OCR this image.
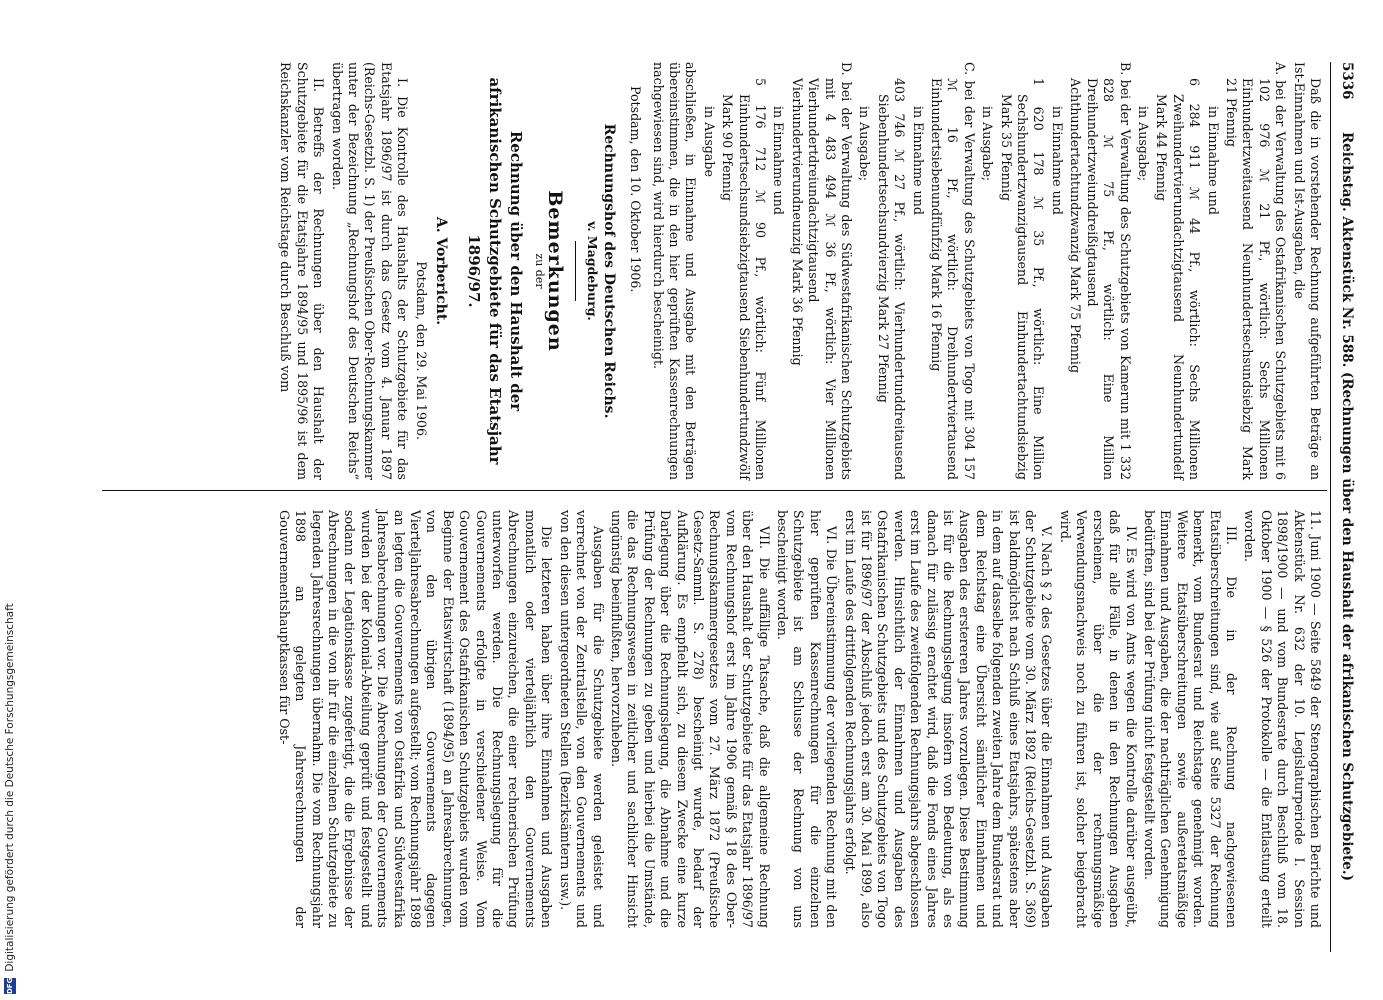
5336
Reichstag. Aktenstück Nr. 588. (Rechnungen über den Haushalt der afrikanischen Schutzgebiete.)

Daß die in vorstehender Rechnung aufgeführten Beträge an Ist-Einnahmen und Ist-Ausgaben, die

A. bei der Verwaltung des Ostafrikanischen Schutzgebiets mit 6 102 976 ℳ 21 Pf., wörtlich: Sechs Millionen Einhundertzweitausend Neunhundertsechsundsiebzig Mark 21 Pfennig

in Einnahme und

6 284 911 ℳ 44 Pf., wörtlich: Sechs Millionen Zweihundertvierundachtzigtausend Neunhundertundelf Mark 44 Pfennig

in Ausgabe;

B. bei der Verwaltung des Schutzgebiets von Kamerun mit 1 332 828 ℳ 75 Pf., wörtlich: Eine Million Dreihundertzweiunddreißigtausend Achthundertachtundzwanzig Mark 75 Pfennig

in Einnahme und

1 620 178 ℳ 35 Pf., wörtlich: Eine Million Sechshundertzwanzigtausend Einhundertachtundsiebzig Mark 35 Pfennig

in Ausgabe;

C. bei der Verwaltung des Schutzgebiets von Togo mit 304 157 ℳ 16 Pf., wörtlich: Dreihundertviertausend Einhundertsiebenundfünfzig Mark 16 Pfennig

in Einnahme und

403 746 ℳ 27 Pf., wörtlich: Vierhundertunddreitausend Siebenhundertsechsundvierzig Mark 27 Pfennig

in Ausgabe;

D. bei der Verwaltung des Südwestafrikanischen Schutzgebiets mit 4 483 494 ℳ 36 Pf., wörtlich: Vier Millionen Vierhundertdreiundachtzigtausend Vierhundertvierundneunzig Mark 36 Pfennig

in Einnahme und

5 176 712 ℳ 90 Pf., wörtlich: Fünf Millionen Einhundertsechsundsiebzigtausend Siebenhundertundzwölf Mark 90 Pfennig

in Ausgabe

abschließen, in Einnahme und Ausgabe mit den Beträgen übereinstimmen, die in den hier geprüften Kassenrechnungen nachgewiesen sind, wird hierdurch bescheinigt.

Potsdam, den 10. Oktober 1906.

Rechnungshof des Deutschen Reichs.
v. Magdeburg.
Bemerkungen
zu der
Rechnung über den Haushalt der afrikanischen Schutzgebiete für das Etatsjahr 1896/97.
A. Vorbericht.

Potsdam, den 29. Mai 1906.

I. Die Kontrolle des Haushalts der Schutzgebiete für das Etatsjahr 1896/97 ist durch das Gesetz vom 4. Januar 1897 (Reichs-Gesetzbl. S. 1) der Preußischen Ober-Rechnungskammer unter der Bezeichnung „Rechnungshof des Deutschen Reichs“ übertragen worden.

II. Betreffs der Rechnungen über den Haushalt der Schutzgebiete für die Etatsjahre 1894/95 und 1895/96 ist dem Reichskanzler vom Reichstage durch Beschluß vom

11. Juni 1900 — Seite 5849 der Stenographischen Berichte und Aktenstück Nr. 632 der 10. Legislaturperiode I. Session 1898/1900 — und vom Bundesrate durch Beschluß vom 18. Oktober 1900 — § 526 der Protokolle — die Entlastung erteilt worden.

III. Die in der Rechnung nachgewiesenen Etatsüberschreitungen sind, wie auf Seite 5327 der Rechnung bemerkt, vom Bundesrat und Reichstage genehmigt worden. Weitere Etatsüberschreitungen sowie außeretatsmäßige Einnahmen und Ausgaben, die der nachträglichen Genehmigung bedürften, sind bei der Prüfung nicht festgestellt worden.

IV. Es wird von Amts wegen die Kontrolle darüber ausgeübt, daß für alle Fälle, in denen in den Rechnungen Ausgaben erscheinen, über die der rechnungsmäßige Verwendungsnachweis noch zu führen ist, solcher beigebracht wird.

V. Nach § 2 des Gesetzes über die Einnahmen und Ausgaben der Schutzgebiete vom 30. März 1892 (Reichs-Gesetzbl. S. 369) ist baldmöglichst nach Schluß eines Etatsjahrs, spätestens aber in dem auf dasselbe folgenden zweiten Jahre dem Bundesrat und dem Reichstag eine Übersicht sämtlicher Einnahmen und Ausgaben des erstereren Jahres vorzulegen. Diese Bestimmung ist für die Rechnungslegung insofern von Bedeutung, als es danach für zulässig erachtet wird, daß die Fonds eines Jahres erst im Laufe des zweitfolgenden Rechnungsjahrs abgeschlossen werden. Hinsichtlich der Einnahmen und Ausgaben des Ostafrikanischen Schutzgebiets und des Schutzgebiets von Togo ist für 1896/97 der Abschluß jedoch erst am 30. Mai 1899, also erst im Laufe des drittfolgenden Rechnungsjahrs erfolgt.

VI. Die Übereinstimmung der vorliegenden Rechnung mit den hier geprüften Kassenrechnungen für die einzelnen Schutzgebiete ist am Schlusse der Rechnung von uns bescheinigt worden.

VII. Die auffällige Tatsache, daß die allgemeine Rechnung über den Haushalt der Schutzgebiete für das Etatsjahr 1896/97 vom Rechnungshof erst im Jahre 1906 gemäß § 18 des Ober-Rechnungskammergesetzes vom 27. März 1872 (Preußische Gesetz-Samml. S. 278) bescheinigt wurde, bedarf der Aufklärung. Es empfiehlt sich, zu diesem Zwecke eine kurze Darlegung über die Rechnungslegung, die Abnahme und die Prüfung der Rechnungen zu geben und hierbei die Umstände, die das Rechnungswesen in zeitlicher und sachlicher Hinsicht ungünstig beeinflußten, hervorzuheben.

Ausgaben für die Schutzgebiete werden geleistet und verrechnet von der Zentralstelle, von den Gouvernements und von den diesen untergeordneten Stellen (Bezirksämtern usw.).

Die letzteren haben über ihre Einnahmen und Ausgaben monatlich oder vierteljährlich den Gouvernements Abrechnungen einzureichen, die einer rechnerischen Prüfung unterworfen werden. Die Rechnungslegung für die Gouvernements erfolgte in verschiedener Weise. Vom Gouvernement des Ostafrikanischen Schutzgebiets wurden vom Beginne der Etatswirtschaft (1894/95) an Jahresabrechnungen, von den übrigen Gouvernements dagegen Vierteljahresabrechnungen aufgestellt; vom Rechnungsjahr 1898 an legten die Gouvernements von Ostafrika und Südwestafrika Jahresabrechnungen vor. Die Abrechnungen der Gouvernements wurden bei der Kolonial-Abteilung geprüft und festgestellt und sodann der Legationskasse zugefertigt, die die Ergebnisse der Abrechnungen in die von ihr für die einzelnen Schutzgebiete zu legenden Jahresrechnungen übernahm. Die vom Rechnungsjahr 1898 an gelegten Jahresrechnungen der Gouvernementshauptkassen für Ost-

DFG
Digitalisierung gefördert durch die Deutsche Forschungsgemeinschaft
